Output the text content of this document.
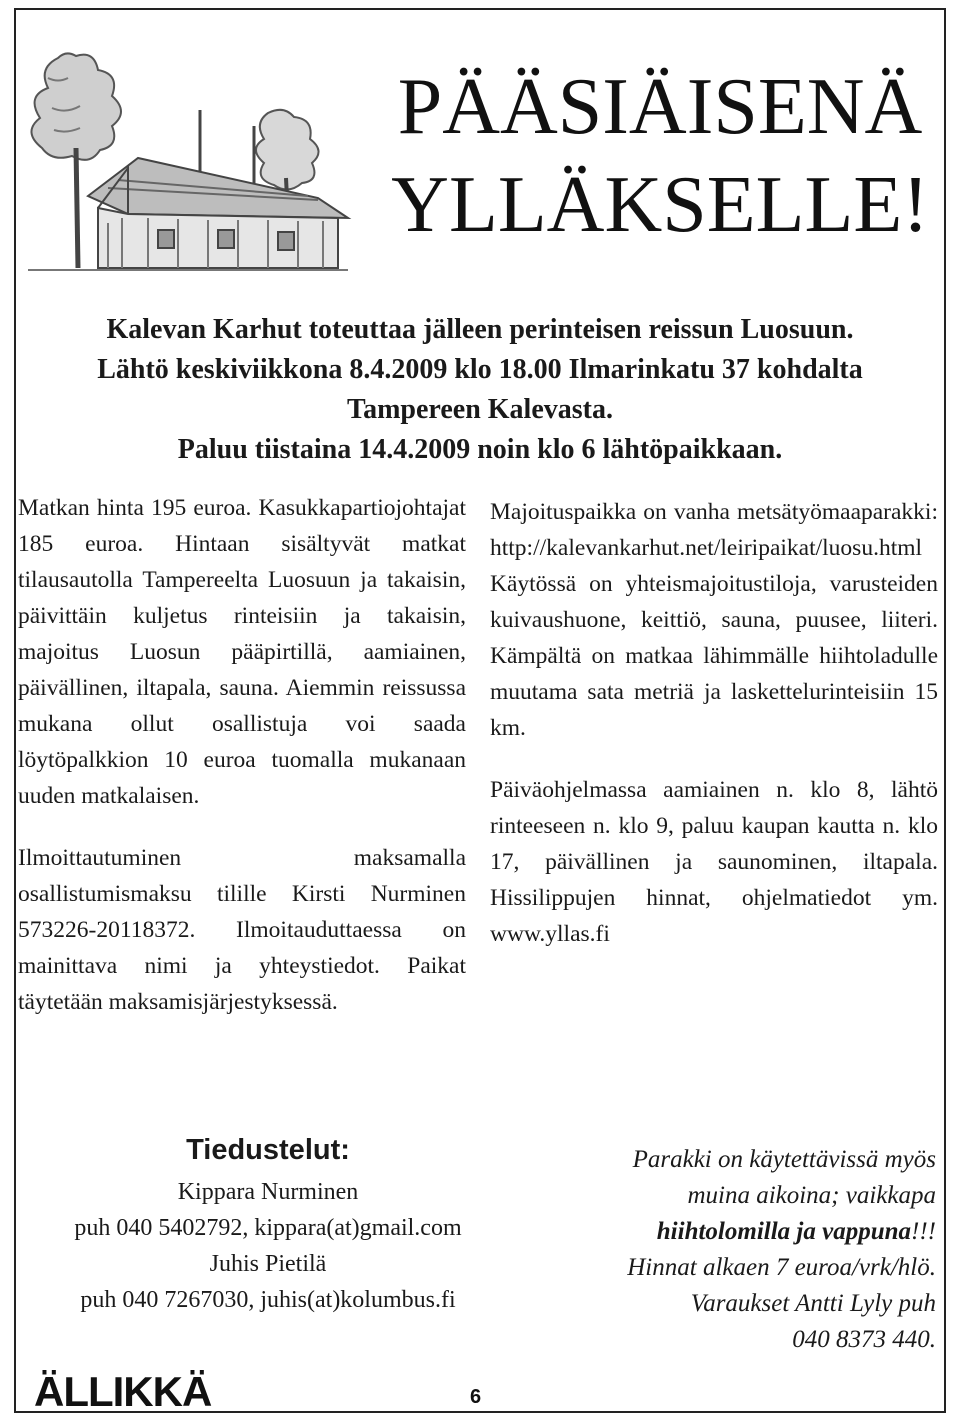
PÄÄSIÄISENÄ
YLLÄKSELLE!
Kalevan Karhut toteuttaa jälleen perinteisen reissun Luosuun.
Lähtö keskiviikkona 8.4.2009 klo 18.00 Ilmarinkatu 37 kohdalta
Tampereen Kalevasta.
Paluu tiistaina 14.4.2009 noin klo 6 lähtöpaikkaan.

Matkan hinta 195 euroa. Kasukkapartiojohtajat 185 euroa. Hintaan sisältyvät matkat tilausautolla Tampereelta Luosuun ja takaisin, päivittäin kuljetus rinteisiin ja takaisin, majoitus Luosun pääpirtillä, aamiainen, päivällinen, iltapala, sauna. Aiemmin reissussa mukana ollut osallistuja voi saada löytöpalkkion 10 euroa tuomalla mukanaan uuden matkalaisen.

Ilmoittautuminen maksamalla osallistumismaksu tilille Kirsti Nurminen 573226-20118372. Ilmoitauduttaessa on mainittava nimi ja yhteystiedot. Paikat täytetään maksamisjärjestyksessä.

Majoituspaikka on vanha metsätyömaaparakki: http://kalevankarhut.net/leiripaikat/luosu.html Käytössä on yhteismajoitustiloja, varusteiden kuivaushuone, keittiö, sauna, puusee, liiteri. Kämpältä on matkaa lähimmälle hiihtoladulle muutama sata metriä ja laskettelurinteisiin 15 km.

Päiväohjelmassa aamiainen n. klo 8, lähtö rinteeseen n. klo 9, paluu kaupan kautta n. klo 17, päivällinen ja saunominen, iltapala. Hissilippujen hinnat, ohjelmatiedot ym. www.yllas.fi

Tiedustelut:
Kippara Nurminen
puh 040 5402792, kippara(at)gmail.com
Juhis Pietilä
puh 040 7267030, juhis(at)kolumbus.fi
Parakki on käytettävissä myös
muina aikoina; vaikkapa
hiihtolomilla ja vappuna!!!
Hinnat alkaen 7 euroa/vrk/hlö.
Varaukset Antti Lyly puh
040 8373 440.
ÄLLIKKÄ	6
